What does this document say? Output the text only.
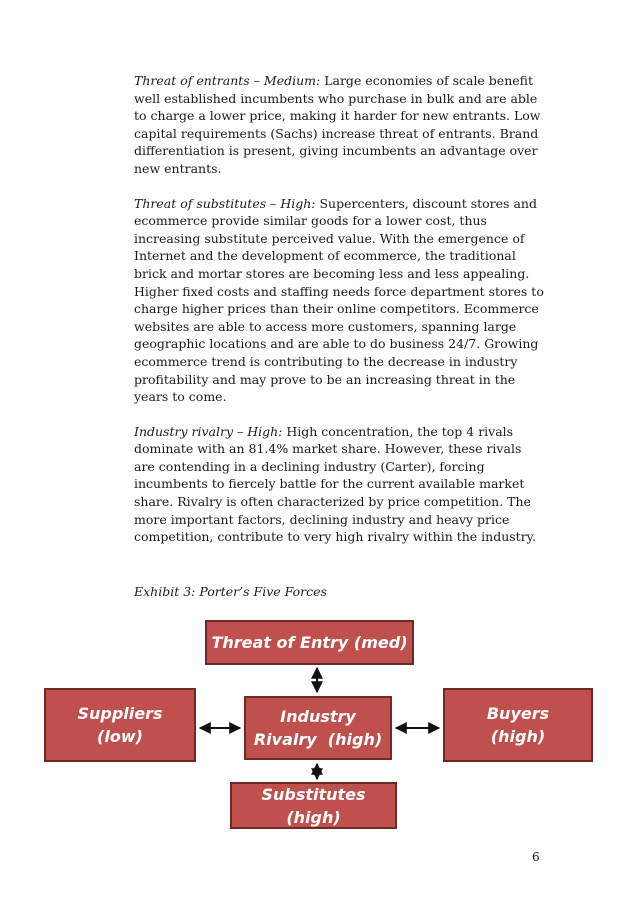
Threat of entrants – Medium: Large economies of scale benefit well established incumbents who purchase in bulk and are able to charge a lower price, making it harder for new entrants. Low capital requirements (Sachs) increase threat of entrants. Brand differentiation is present, giving incumbents an advantage over new entrants.

Threat of substitutes – High: Supercenters, discount stores and ecommerce provide similar goods for a lower cost, thus increasing substitute perceived value. With the emergence of Internet and the development of ecommerce, the traditional brick and mortar stores are becoming less and less appealing. Higher fixed costs and staffing needs force department stores to charge higher prices than their online competitors. Ecommerce websites are able to access more customers, spanning large geographic locations and are able to do business 24/7. Growing ecommerce trend is contributing to the decrease in industry profitability and may prove to be an increasing threat in the years to come.

Industry rivalry – High: High concentration, the top 4 rivals dominate with an 81.4% market share. However, these rivals are contending in a declining industry (Carter), forcing incumbents to fiercely battle for the current available market share. Rivalry is often characterized by price competition. The more important factors, declining industry and heavy price competition, contribute to very high rivalry within the industry.

Exhibit 3: Porter’s Five Forces
Threat of Entry (med)
Suppliers
(low)
Industry
Rivalry  (high)
Buyers
(high)
Substitutes (high)
6
